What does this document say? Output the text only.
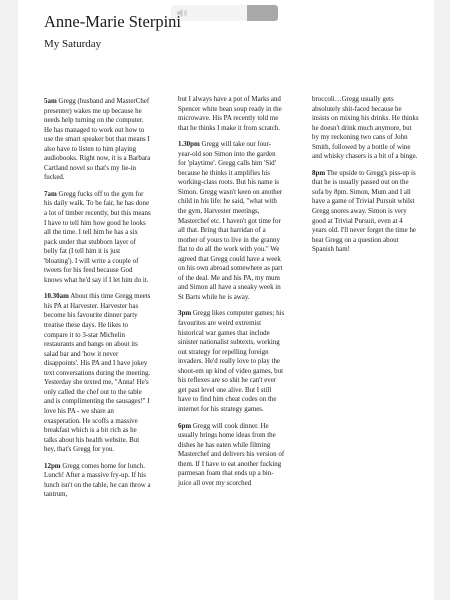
Anne-Marie Sterpini
My Saturday

5am Gregg (husband and MasterChef presenter) wakes me up because he needs help turning on the computer. He has managed to work out how to use the smart speaker but that means I also have to listen to him playing audiobooks. Right now, it is a Barbara Cartland novel so that's my lie-in fucked.

7am Gregg fucks off to the gym for his daily walk. To be fair, he has done a lot of timber recently, but this means I have to tell him how good he looks all the time. I tell him he has a six pack under that stubborn layer of belly fat (I tell him it is just 'bloating'). I will write a couple of tweets for his feed because God knows what he'd say if I let him do it.

10.30am About this time Gregg meets his PA at Harvester. Harvester has become his favourite dinner party treatise these days. He likes to compare it to 3-star Michelin restaurants and bangs on about its salad bar and 'how it never disappoints'. His PA and I have jokey text conversations during the meeting. Yesterday she texted me, "Anna! He's only called the chef out to the table and is complimenting the sausages!" I love his PA - we share an exasperation. He scoffs a massive breakfast which is a bit rich as he talks about his health website. But hey, that's Gregg for you.

12pm Gregg comes home for lunch. Lunch! After a massive fry-up. If his lunch isn't on the table, he can throw a tantrum,

but I always have a pot of Marks and Spencer white bean soup ready in the microwave. His PA recently told me that he thinks I make it from scratch.

1.30pm Gregg will take our four-year-old son Simon into the garden for 'playtime'. Gregg calls him 'Sid' because he thinks it amplifies his working-class roots. But his name is Simon. Gregg wasn't keen on another child in his life: he said, "what with the gym, Harvester meetings, Masterchef etc. I haven't got time for all that. Bring that harridan of a mother of yours to live in the granny flat to do all the work with you." We agreed that Gregg could have a week on his own abroad somewhere as part of the deal. Me and his PA, my mum and Simon all have a sneaky week in St Barts while he is away.

3pm Gregg likes computer games; his favourites are weird extremist historical war games that include sinister nationalist subtexts, working out strategy for repelling foreign invaders. He'd really love to play the shoot-em up kind of video games, but his reflexes are so shit he can't ever get past level one alive. But I still have to find him cheat codes on the internet for his strategy games.

6pm Gregg will cook dinner. He usually brings home ideas from the dishes he has eaten while filming Masterchef and delivers his version of them. If I have to eat another fucking parmesan foam that ends up a bin-juice all over my scorched

broccoli…Gregg usually gets absolutely shit-faced because he insists on mixing his drinks. He thinks he doesn't drink much anymore, but by my reckoning two cans of John Smith, followed by a bottle of wine and whisky chasers is a bit of a binge.

8pm The upside to Gregg's piss-up is that he is usually passed out on the sofa by 8pm. Simon, Mum and I all have a game of Trivial Pursuit whilst Gregg snores away. Simon is very good at Trivial Pursuit, even at 4 years old. I'll never forget the time he beat Gregg on a question about Spanish ham!
